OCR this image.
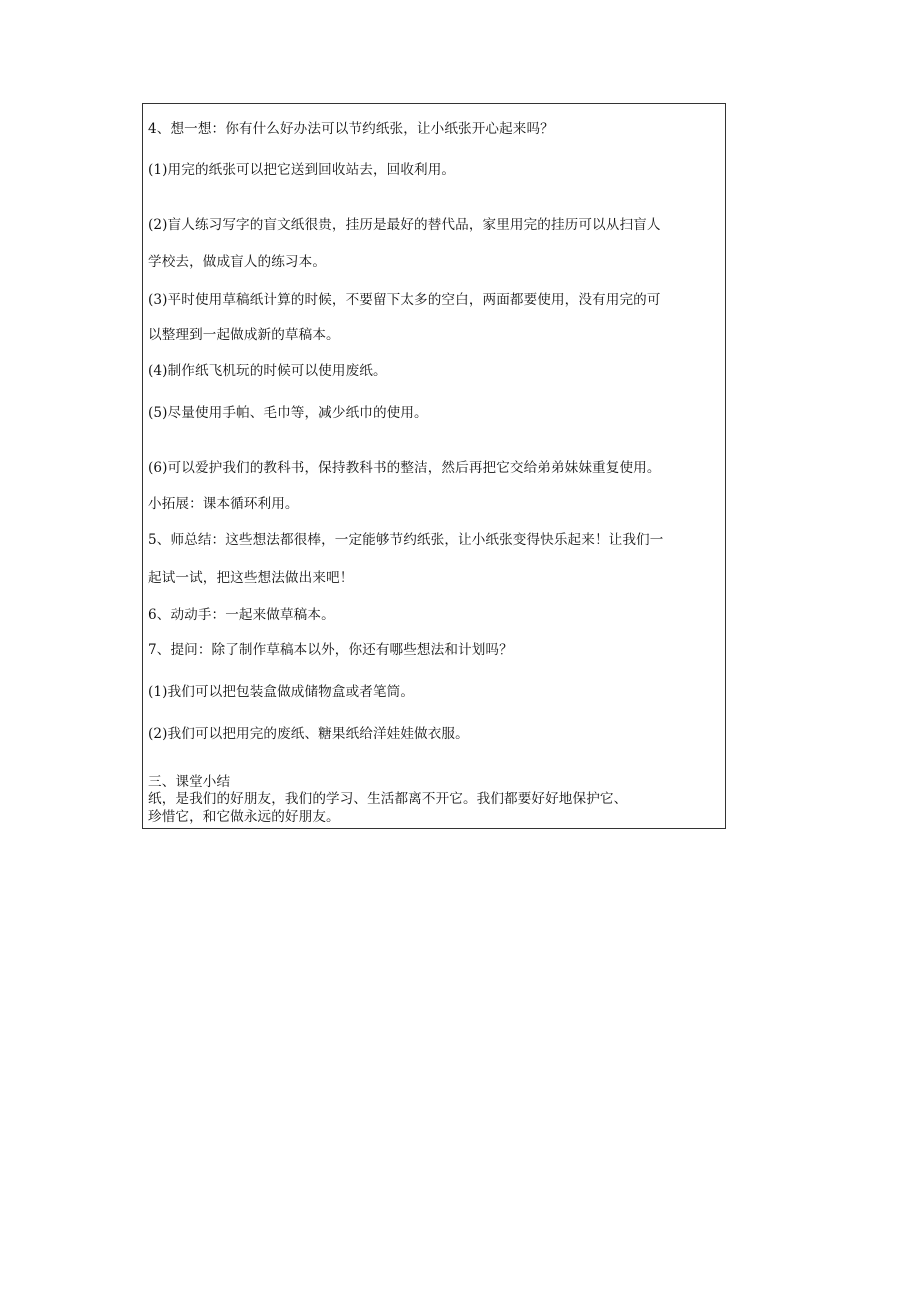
4、想一想：你有什么好办法可以节约纸张，让小纸张开心起来吗？

(1)用完的纸张可以把它送到回收站去，回收利用。

(2)盲人练习写字的盲文纸很贵，挂历是最好的替代品，家里用完的挂历可以从扫盲人

学校去，做成盲人的练习本。

(3)平时使用草稿纸计算的时候，不要留下太多的空白，两面都要使用，没有用完的可

以整理到一起做成新的草稿本。

(4)制作纸飞机玩的时候可以使用废纸。

(5)尽量使用手帕、毛巾等，减少纸巾的使用。

(6)可以爱护我们的教科书，保持教科书的整洁，然后再把它交给弟弟妹妹重复使用。

小拓展：课本循环利用。

5、师总结：这些想法都很棒，一定能够节约纸张，让小纸张变得快乐起来！让我们一

起试一试，把这些想法做出来吧！

6、动动手：一起来做草稿本。

7、提问：除了制作草稿本以外，你还有哪些想法和计划吗？

(1)我们可以把包装盒做成储物盒或者笔筒。

(2)我们可以把用完的废纸、糖果纸给洋娃娃做衣服。

三、课堂小结

纸，是我们的好朋友，我们的学习、生活都离不开它。我们都要好好地保护它、

珍惜它，和它做永远的好朋友。
